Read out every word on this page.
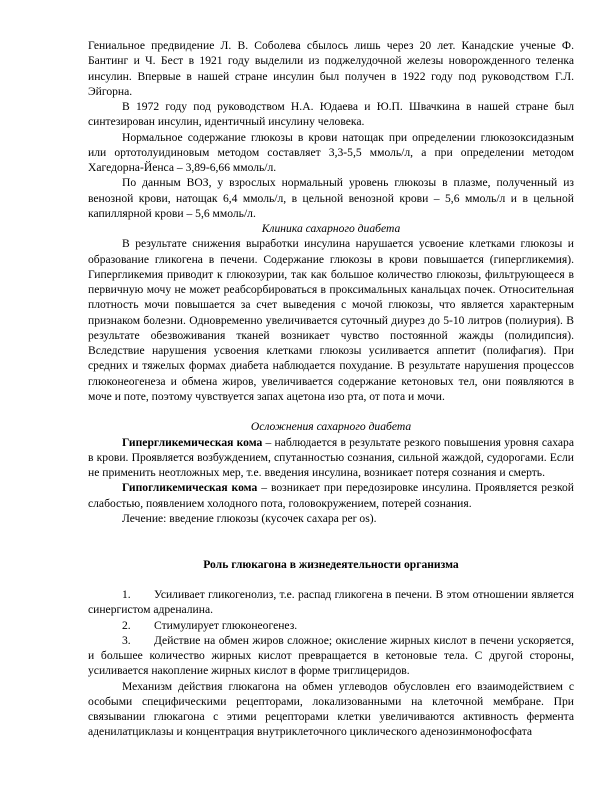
Гениальное предвидение Л. В. Соболева сбылось лишь через 20 лет. Канадские ученые Ф. Бантинг и Ч. Бест в 1921 году выделили из поджелудочной железы новорожденного теленка инсулин. Впервые в нашей стране инсулин был получен в 1922 году под руководством Г.Л. Эйгорна.

В 1972 году под руководством Н.А. Юдаева и Ю.П. Швачкина в нашей стране был синтезирован инсулин, идентичный инсулину человека.

Нормальное содержание глюкозы в крови натощак при определении глюкозоксидазным или ортотолуидиновым методом составляет 3,3-5,5 ммоль/л, а при определении методом Хагедорна-Йенса – 3,89-6,66 ммоль/л.

По данным ВОЗ, у взрослых нормальный уровень глюкозы в плазме, полученный из венозной крови, натощак 6,4 ммоль/л, в цельной венозной крови – 5,6 ммоль/л и в цельной капиллярной крови – 5,6 ммоль/л.

Клиника сахарного диабета

В результате снижения выработки инсулина нарушается усвоение клетками глюкозы и образование гликогена в печени. Содержание глюкозы в крови повышается (гипергликемия). Гипергликемия приводит к глюкозурии, так как большое количество глюкозы, фильтрующееся в первичную мочу не может реабсорбироваться в проксимальных канальцах почек. Относительная плотность мочи повышается за счет выведения с мочой глюкозы, что является характерным признаком болезни. Одновременно увеличивается суточный диурез до 5-10 литров (полиурия). В результате обезвоживания тканей возникает чувство постоянной жажды (полидипсия). Вследствие нарушения усвоения клетками глюкозы усиливается аппетит (полифагия). При средних и тяжелых формах диабета наблюдается похудание. В результате нарушения процессов глюконеогенеза и обмена жиров, увеличивается содержание кетоновых тел, они появляются в моче и поте, поэтому чувствуется запах ацетона изо рта, от пота и мочи.

Осложнения сахарного диабета

Гипергликемическая кома – наблюдается в результате резкого повышения уровня сахара в крови. Проявляется возбуждением, спутанностью сознания, сильной жаждой, судорогами. Если не применить неотложных мер, т.е. введения инсулина, возникает потеря сознания и смерть.

Гипогликемическая кома – возникает при передозировке инсулина. Проявляется резкой слабостью, появлением холодного пота, головокружением, потерей сознания.

Лечение: введение глюкозы (кусочек сахара per os).

Роль глюкагона в жизнедеятельности организма

1. Усиливает гликогенолиз, т.е. распад гликогена в печени. В этом отношении является синергистом адреналина.

2. Стимулирует глюконеогенез.

3. Действие на обмен жиров сложное; окисление жирных кислот в печени ускоряется, и большее количество жирных кислот превращается в кетоновые тела. С другой стороны, усиливается накопление жирных кислот в форме триглицеридов.

Механизм действия глюкагона на обмен углеводов обусловлен его взаимодействием с особыми специфическими рецепторами, локализованными на клеточной мембране. При связывании глюкагона с этими рецепторами клетки увеличиваются активность фермента аденилатциклазы и концентрация внутриклеточного циклического аденозинмонофосфата
